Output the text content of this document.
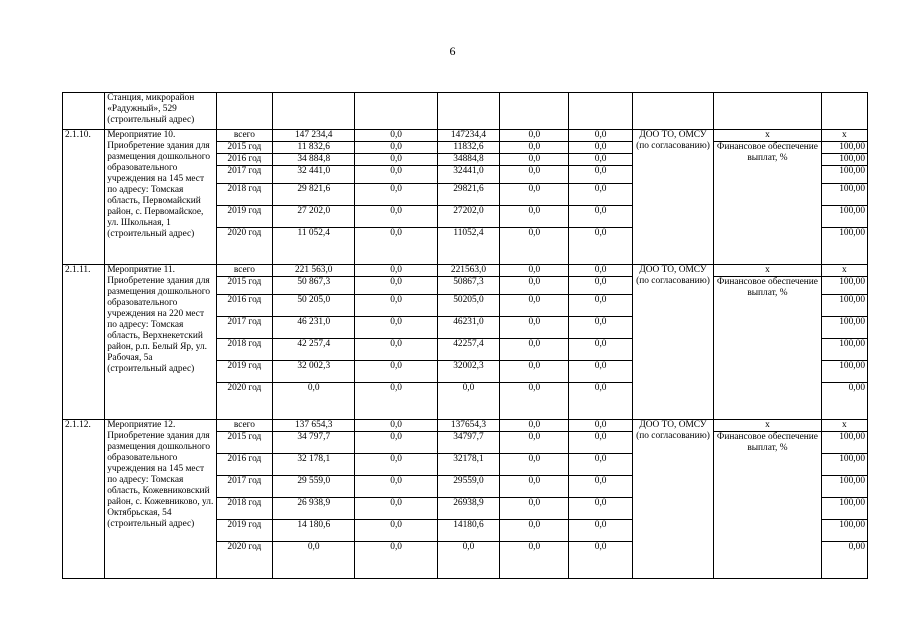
6
	Станция, микрорайон «Радужный», 529 (строительный адрес)									
2.1.10.	Мероприятие 10. Приобретение здания для размещения дошкольного образовательного учреждения на 145 мест по адресу: Томская область, Первомайский район, с. Первомайское, ул. Школьная, 1 (строительный адрес)	всего	147 234,4	0,0	147234,4	0,0	0,0	ДОО ТО, ОМСУ (по согласованию)	x	x
		2015 год	11 832,6	0,0	11832,6	0,0	0,0		Финансовое обеспечение выплат, %	100,00
		2016 год	34 884,8	0,0	34884,8	0,0	0,0			100,00
		2017 год	32 441,0	0,0	32441,0	0,0	0,0			100,00
		2018 год	29 821,6	0,0	29821,6	0,0	0,0			100,00
		2019 год	27 202,0	0,0	27202,0	0,0	0,0			100,00
		2020 год	11 052,4	0,0	11052,4	0,0	0,0			100,00
2.1.11.	Мероприятие 11. Приобретение здания для размещения дошкольного образовательного учреждения на 220 мест по адресу: Томская область, Верхнекетский район, р.п. Белый Яр, ул. Рабочая, 5а (строительный адрес)	всего	221 563,0	0,0	221563,0	0,0	0,0	ДОО ТО, ОМСУ (по согласованию)	x	x
		2015 год	50 867,3	0,0	50867,3	0,0	0,0		Финансовое обеспечение выплат, %	100,00
		2016 год	50 205,0	0,0	50205,0	0,0	0,0			100,00
		2017 год	46 231,0	0,0	46231,0	0,0	0,0			100,00
		2018 год	42 257,4	0,0	42257,4	0,0	0,0			100,00
		2019 год	32 002,3	0,0	32002,3	0,0	0,0			100,00
		2020 год	0,0	0,0	0,0	0,0	0,0			0,00
2.1.12.	Мероприятие 12. Приобретение здания для размещения дошкольного образовательного учреждения на 145 мест по адресу: Томская область, Кожевниковский район, с. Кожевниково, ул. Октябрьская, 54 (строительный адрес)	всего	137 654,3	0,0	137654,3	0,0	0,0	ДОО ТО, ОМСУ (по согласованию)	x	x
		2015 год	34 797,7	0,0	34797,7	0,0	0,0		Финансовое обеспечение выплат, %	100,00
		2016 год	32 178,1	0,0	32178,1	0,0	0,0			100,00
		2017 год	29 559,0	0,0	29559,0	0,0	0,0			100,00
		2018 год	26 938,9	0,0	26938,9	0,0	0,0			100,00
		2019 год	14 180,6	0,0	14180,6	0,0	0,0			100,00
		2020 год	0,0	0,0	0,0	0,0	0,0			0,00
